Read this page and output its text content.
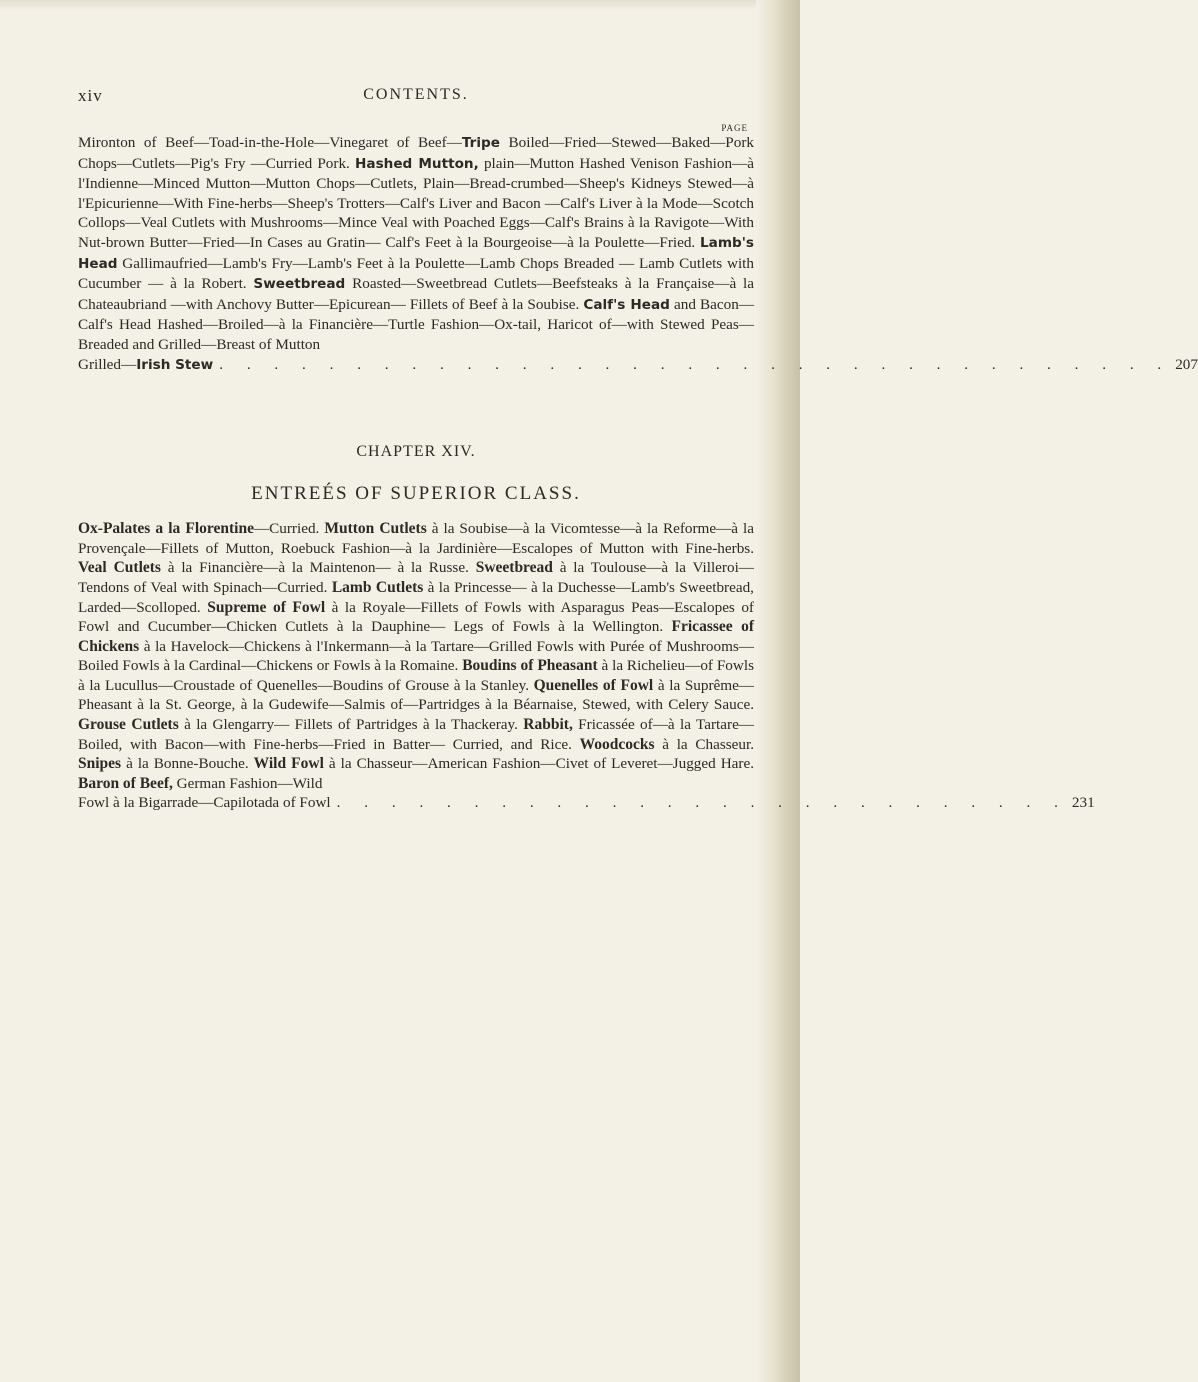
xiv	CONTENTS.
PAGE

Mironton of Beef—Toad-in-the-Hole—Vinegaret of Beef—Tripe Boiled—Fried—Stewed—Baked—Pork Chops—Cutlets—Pig's Fry —Curried Pork. Hashed Mutton, plain—Mutton Hashed Venison Fashion—à l'Indienne—Minced Mutton—Mutton Chops—Cutlets, Plain—Bread-crumbed—Sheep's Kidneys Stewed—à l'Epicurienne—With Fine-herbs—Sheep's Trotters—Calf's Liver and Bacon —Calf's Liver à la Mode—Scotch Collops—Veal Cutlets with Mushrooms—Mince Veal with Poached Eggs—Calf's Brains à la Ravigote—With Nut-brown Butter—Fried—In Cases au Gratin— Calf's Feet à la Bourgeoise—à la Poulette—Fried. Lamb's Head Gallimaufried—Lamb's Fry—Lamb's Feet à la Poulette—Lamb Chops Breaded — Lamb Cutlets with Cucumber — à la Robert. Sweetbread Roasted—Sweetbread Cutlets—Beefsteaks à la Française—à la Chateaubriand —with Anchovy Butter—Epicurean— Fillets of Beef à la Soubise. Calf's Head and Bacon—Calf's Head Hashed—Broiled—à la Financière—Turtle Fashion—Ox-tail, Haricot of—with Stewed Peas—Breaded and Grilled—Breast of Mutton

Grilled—Irish Stew . . . . . . . . . . . . . . . . . . . . . . . . . . . . . . . . . . . 207
CHAPTER XIV.
ENTREÉS OF SUPERIOR CLASS.

Ox-Palates a la Florentine—Curried. Mutton Cutlets à la Soubise—à la Vicomtesse—à la Reforme—à la Provençale—Fillets of Mutton, Roebuck Fashion—à la Jardinière—Escalopes of Mutton with Fine-herbs. Veal Cutlets à la Financière—à la Maintenon— à la Russe. Sweetbread à la Toulouse—à la Villeroi—Tendons of Veal with Spinach—Curried. Lamb Cutlets à la Princesse— à la Duchesse—Lamb's Sweetbread, Larded—Scolloped. Supreme of Fowl à la Royale—Fillets of Fowls with Asparagus Peas—Escalopes of Fowl and Cucumber—Chicken Cutlets à la Dauphine— Legs of Fowls à la Wellington. Fricassee of Chickens à la Havelock—Chickens à l'Inkermann—à la Tartare—Grilled Fowls with Purée of Mushrooms—Boiled Fowls à la Cardinal—Chickens or Fowls à la Romaine. Boudins of Pheasant à la Richelieu—of Fowls à la Lucullus—Croustade of Quenelles—Boudins of Grouse à la Stanley. Quenelles of Fowl à la Suprême—Pheasant à la St. George, à la Gudewife—Salmis of—Partridges à la Béarnaise, Stewed, with Celery Sauce. Grouse Cutlets à la Glengarry— Fillets of Partridges à la Thackeray. Rabbit, Fricassée of—à la Tartare—Boiled, with Bacon—with Fine-herbs—Fried in Batter— Curried, and Rice. Woodcocks à la Chasseur. Snipes à la Bonne-Bouche. Wild Fowl à la Chasseur—American Fashion—Civet of Leveret—Jugged Hare. Baron of Beef, German Fashion—Wild

Fowl à la Bigarrade—Capilotada of Fowl . . . . . . . . . . . . . . . . . . . . . . . . . . . 231
